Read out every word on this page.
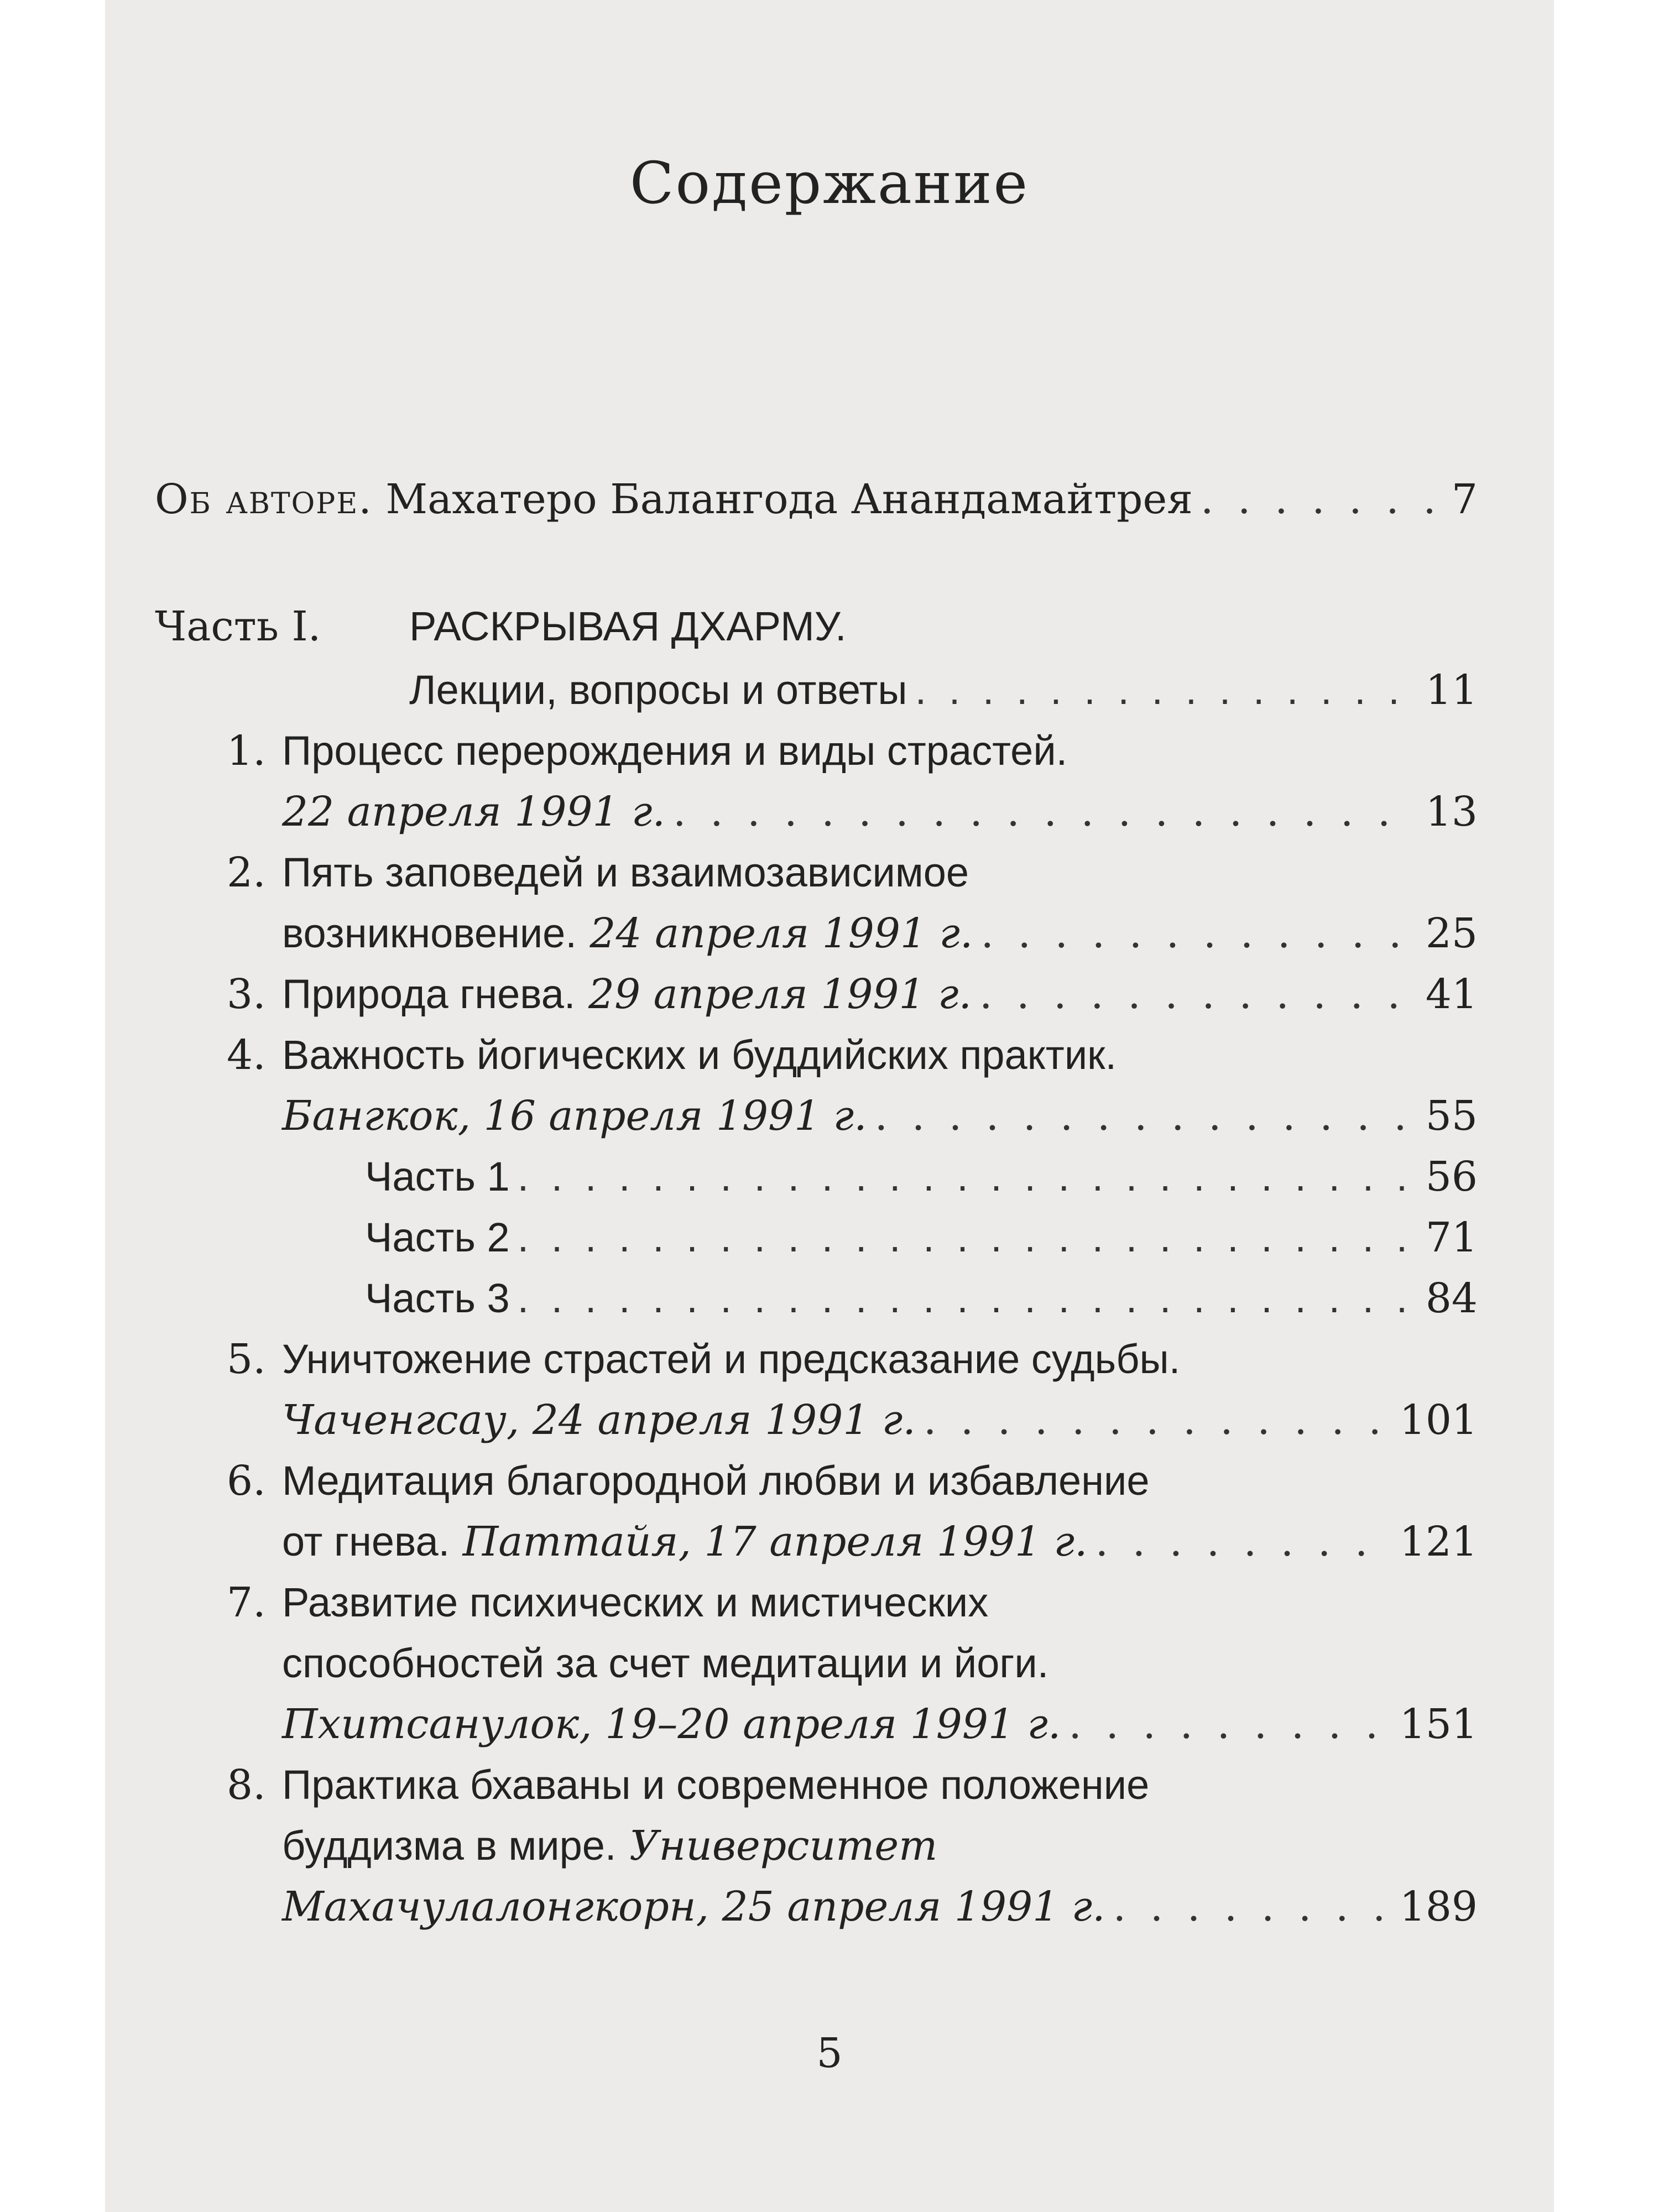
Содержание
Об авторе. Махатеро Балангода Анандамайтрея . . .	7
Часть I. РАСКРЫВАЯ ДХАРМУ.
Лекции, вопросы и ответы . . .	11
1. Процесс перерождения и виды страстей.
22 апреля 1991 г. . . .	13
2. Пять заповедей и взаимозависимое
возникновение. 24 апреля 1991 г. . . .	25
3. Природа гнева. 29 апреля 1991 г. . . .	41
4. Важность йогических и буддийских практик.
Бангкок, 16 апреля 1991 г. . . .	55
Часть 1 . . .	56
Часть 2 . . .	71
Часть 3 . . .	84
5. Уничтожение страстей и предсказание судьбы.
Чаченгсау, 24 апреля 1991 г. . . .	101
6. Медитация благородной любви и избавление
от гнева. Паттайя, 17 апреля 1991 г. . . .	121
7. Развитие психических и мистических
способностей за счет медитации и йоги.
Пхитсанулок, 19–20 апреля 1991 г. . . .	151
8. Практика бхаваны и современное положение
буддизма в мире. Университет
Махачулалонгкорн, 25 апреля 1991 г. . . .	189
5
